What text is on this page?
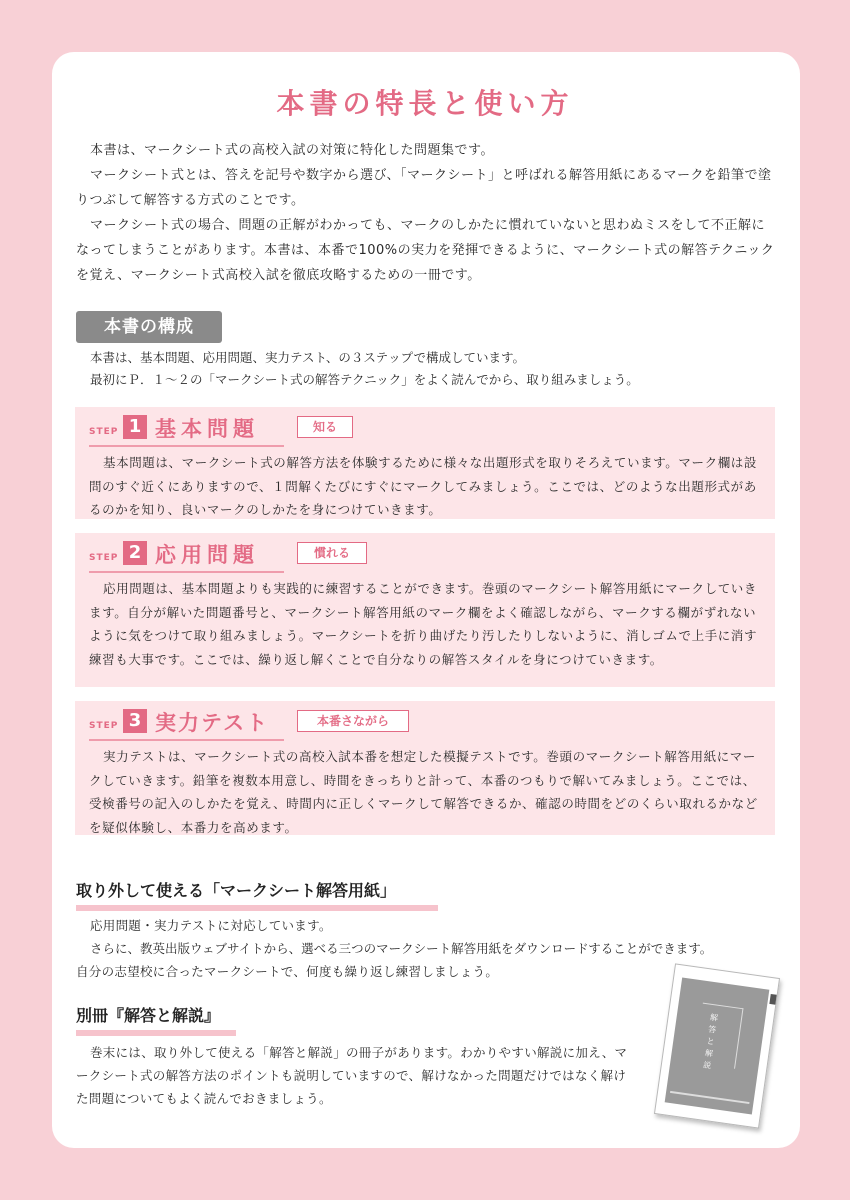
本書の特長と使い方

本書は、マークシート式の高校入試の対策に特化した問題集です。

マークシート式とは、答えを記号や数字から選び、「マークシート」と呼ばれる解答用紙にあるマークを鉛筆で塗りつぶして解答する方式のことです。

マークシート式の場合、問題の正解がわかっても、マークのしかたに慣れていないと思わぬミスをして不正解になってしまうことがあります。本書は、本番で100%の実力を発揮できるように、マークシート式の解答テクニックを覚え、マークシート式高校入試を徹底攻略するための一冊です。

本書の構成

本書は、基本問題、応用問題、実力テスト、の３ステップで構成しています。

最初にＰ．１〜２の「マークシート式の解答テクニック」をよく読んでから、取り組みましょう。

STEP 1 基本問題	知る

基本問題は、マークシート式の解答方法を体験するために様々な出題形式を取りそろえています。マーク欄は設問のすぐ近くにありますので、１問解くたびにすぐにマークしてみましょう。ここでは、どのような出題形式があるのかを知り、良いマークのしかたを身につけていきます。

STEP 2 応用問題	慣れる

応用問題は、基本問題よりも実践的に練習することができます。巻頭のマークシート解答用紙にマークしていきます。自分が解いた問題番号と、マークシート解答用紙のマーク欄をよく確認しながら、マークする欄がずれないように気をつけて取り組みましょう。マークシートを折り曲げたり汚したりしないように、消しゴムで上手に消す練習も大事です。ここでは、繰り返し解くことで自分なりの解答スタイルを身につけていきます。

STEP 3 実力テスト	本番さながら

実力テストは、マークシート式の高校入試本番を想定した模擬テストです。巻頭のマークシート解答用紙にマークしていきます。鉛筆を複数本用意し、時間をきっちりと計って、本番のつもりで解いてみましょう。ここでは、受検番号の記入のしかたを覚え、時間内に正しくマークして解答できるか、確認の時間をどのくらい取れるかなどを疑似体験し、本番力を高めます。

取り外して使える「マークシート解答用紙」

応用問題・実力テストに対応しています。

さらに、教英出版ウェブサイトから、選べる三つのマークシート解答用紙をダウンロードすることができます。

自分の志望校に合ったマークシートで、何度も繰り返し練習しましょう。

別冊『解答と解説』

巻末には、取り外して使える「解答と解説」の冊子があります。わかりやすい解説に加え、マークシート式の解答方法のポイントも説明していますので、解けなかった問題だけではなく解けた問題についてもよく読んでおきましょう。

解答
と
解説
